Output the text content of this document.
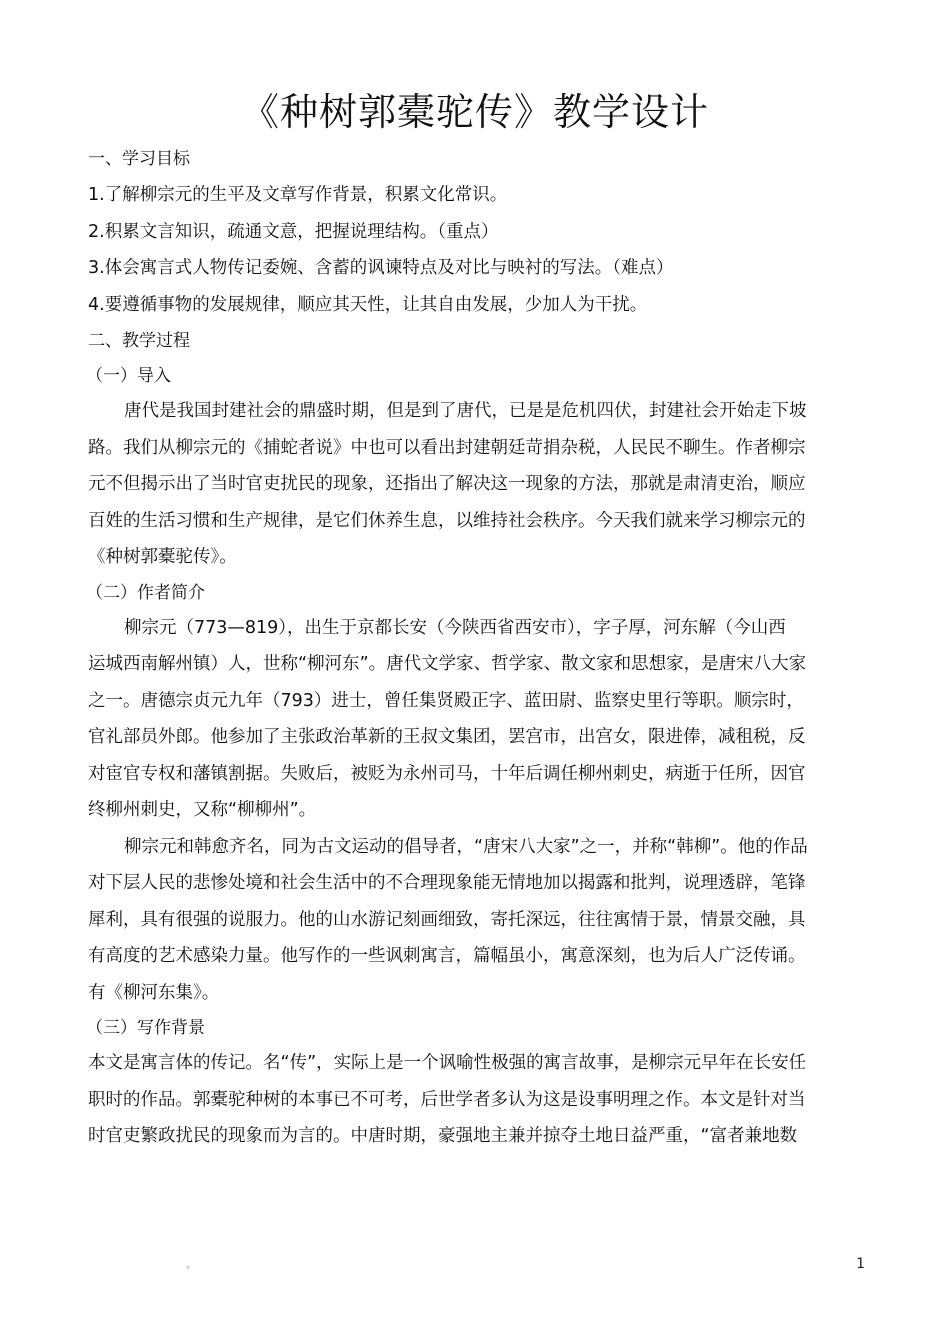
《种树郭橐驼传》教学设计
一、学习目标
1.了解柳宗元的生平及文章写作背景，积累文化常识。
2.积累文言知识，疏通文意，把握说理结构。（重点）
3.体会寓言式人物传记委婉、含蓄的讽谏特点及对比与映衬的写法。（难点）
4.要遵循事物的发展规律，顺应其天性，让其自由发展，少加人为干扰。
二、教学过程
（一）导入

唐代是我国封建社会的鼎盛时期，但是到了唐代，已是是危机四伏，封建社会开始走下坡
路。我们从柳宗元的《捕蛇者说》中也可以看出封建朝廷苛捐杂税，人民民不聊生。作者柳宗
元不但揭示出了当时官吏扰民的现象，还指出了解决这一现象的方法，那就是肃清吏治，顺应
百姓的生活习惯和生产规律，是它们休养生息，以维持社会秩序。今天我们就来学习柳宗元的
《种树郭橐驼传》。

（二）作者简介

柳宗元（773—819），出生于京都长安（今陕西省西安市），字子厚，河东解（今山西
运城西南解州镇）人，世称“柳河东”。唐代文学家、哲学家、散文家和思想家，是唐宋八大家
之一。唐德宗贞元九年（793）进士，曾任集贤殿正字、蓝田尉、监察史里行等职。顺宗时，
官礼部员外郎。他参加了主张政治革新的王叔文集团，罢宫市，出宫女，限进俸，减租税，反
对宦官专权和藩镇割据。失败后，被贬为永州司马，十年后调任柳州刺史，病逝于任所，因官
终柳州刺史，又称“柳柳州”。

柳宗元和韩愈齐名，同为古文运动的倡导者，“唐宋八大家”之一，并称“韩柳”。他的作品
对下层人民的悲惨处境和社会生活中的不合理现象能无情地加以揭露和批判，说理透辟，笔锋
犀利，具有很强的说服力。他的山水游记刻画细致，寄托深远，往往寓情于景，情景交融，具
有高度的艺术感染力量。他写作的一些讽刺寓言，篇幅虽小，寓意深刻，也为后人广泛传诵。
有《柳河东集》。

（三）写作背景

本文是寓言体的传记。名“传”，实际上是一个讽喻性极强的寓言故事，是柳宗元早年在长安任
职时的作品。郭橐驼种树的本事已不可考，后世学者多认为这是设事明理之作。本文是针对当
时官吏繁政扰民的现象而为言的。中唐时期，豪强地主兼并掠夺土地日益严重，“富者兼地数

。	1
